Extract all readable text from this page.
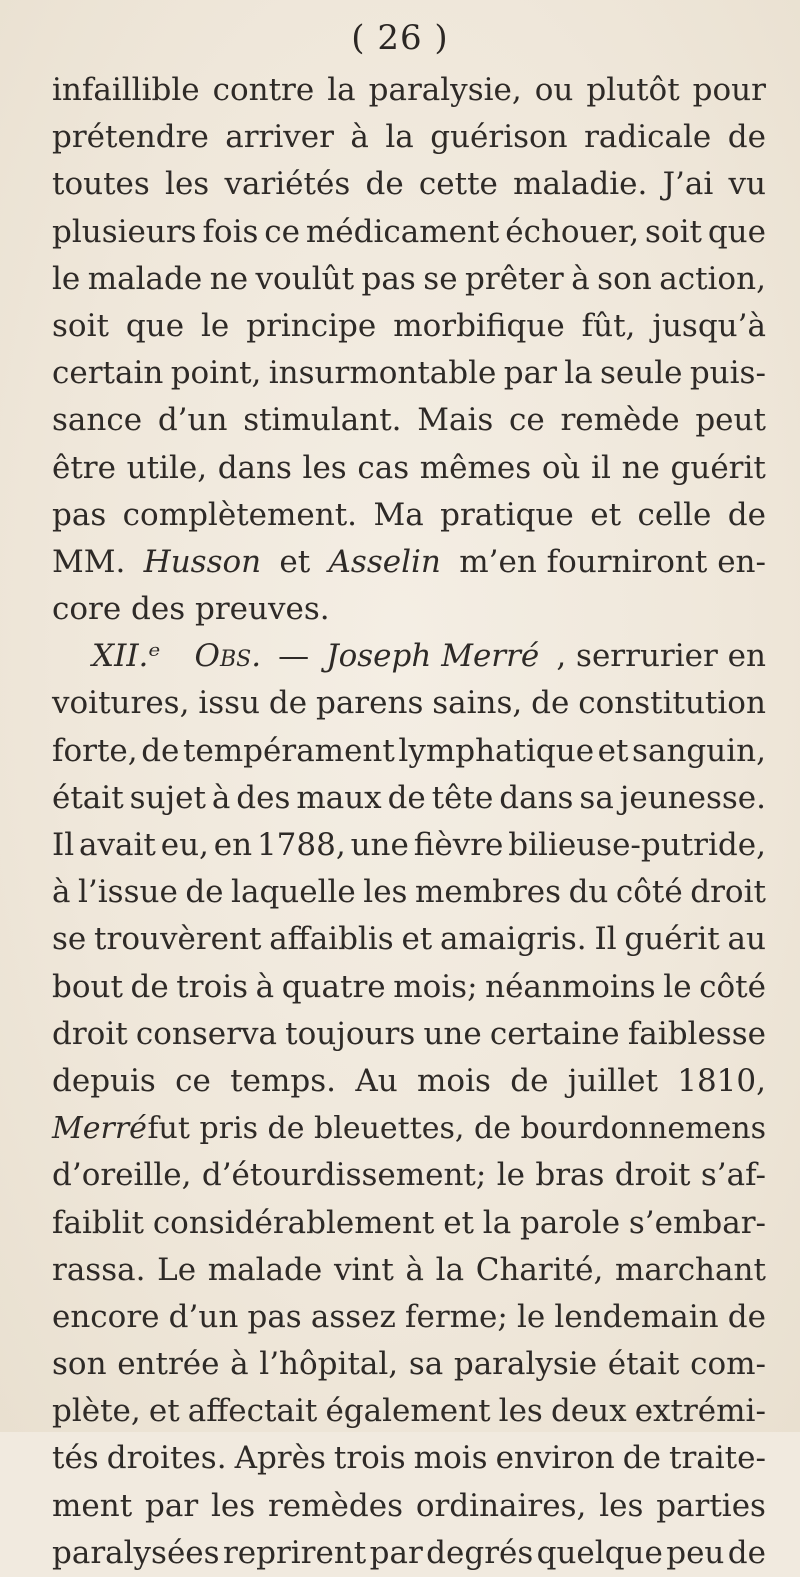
( 26 )
infaillible contre la paralysie, ou plutôt pour
prétendre arriver à la guérison radicale de
toutes les variétés de cette maladie. J’ai vu
plusieurs fois ce médicament échouer, soit que
le malade ne voulût pas se prêter à son action,
soit que le principe morbifique fût, jusqu’à
certain point, insurmontable par la seule puis-
sance d’un stimulant. Mais ce remède peut
être utile, dans les cas mêmes où il ne guérit
pas complètement. Ma pratique et celle de
MM. Husson et Asselin m’en fourniront en-
core des preuves.
XII.ᵉ Obs. — Joseph Merré , serrurier en
voitures, issu de parens sains, de constitution
forte, de tempérament lymphatique et sanguin,
était sujet à des maux de tête dans sa jeunesse.
Il avait eu, en 1788, une fièvre bilieuse-putride,
à l’issue de laquelle les membres du côté droit
se trouvèrent affaiblis et amaigris. Il guérit au
bout de trois à quatre mois; néanmoins le côté
droit conserva toujours une certaine faiblesse
depuis ce temps. Au mois de juillet 1810,
Merré fut pris de bleuettes, de bourdonnemens
d’oreille, d’étourdissement; le bras droit s’af-
faiblit considérablement et la parole s’embar-
rassa. Le malade vint à la Charité, marchant
encore d’un pas assez ferme; le lendemain de
son entrée à l’hôpital, sa paralysie était com-
plète, et affectait également les deux extrémi-
tés droites. Après trois mois environ de traite-
ment par les remèdes ordinaires, les parties
paralysées reprirent par degrés quelque peu de
